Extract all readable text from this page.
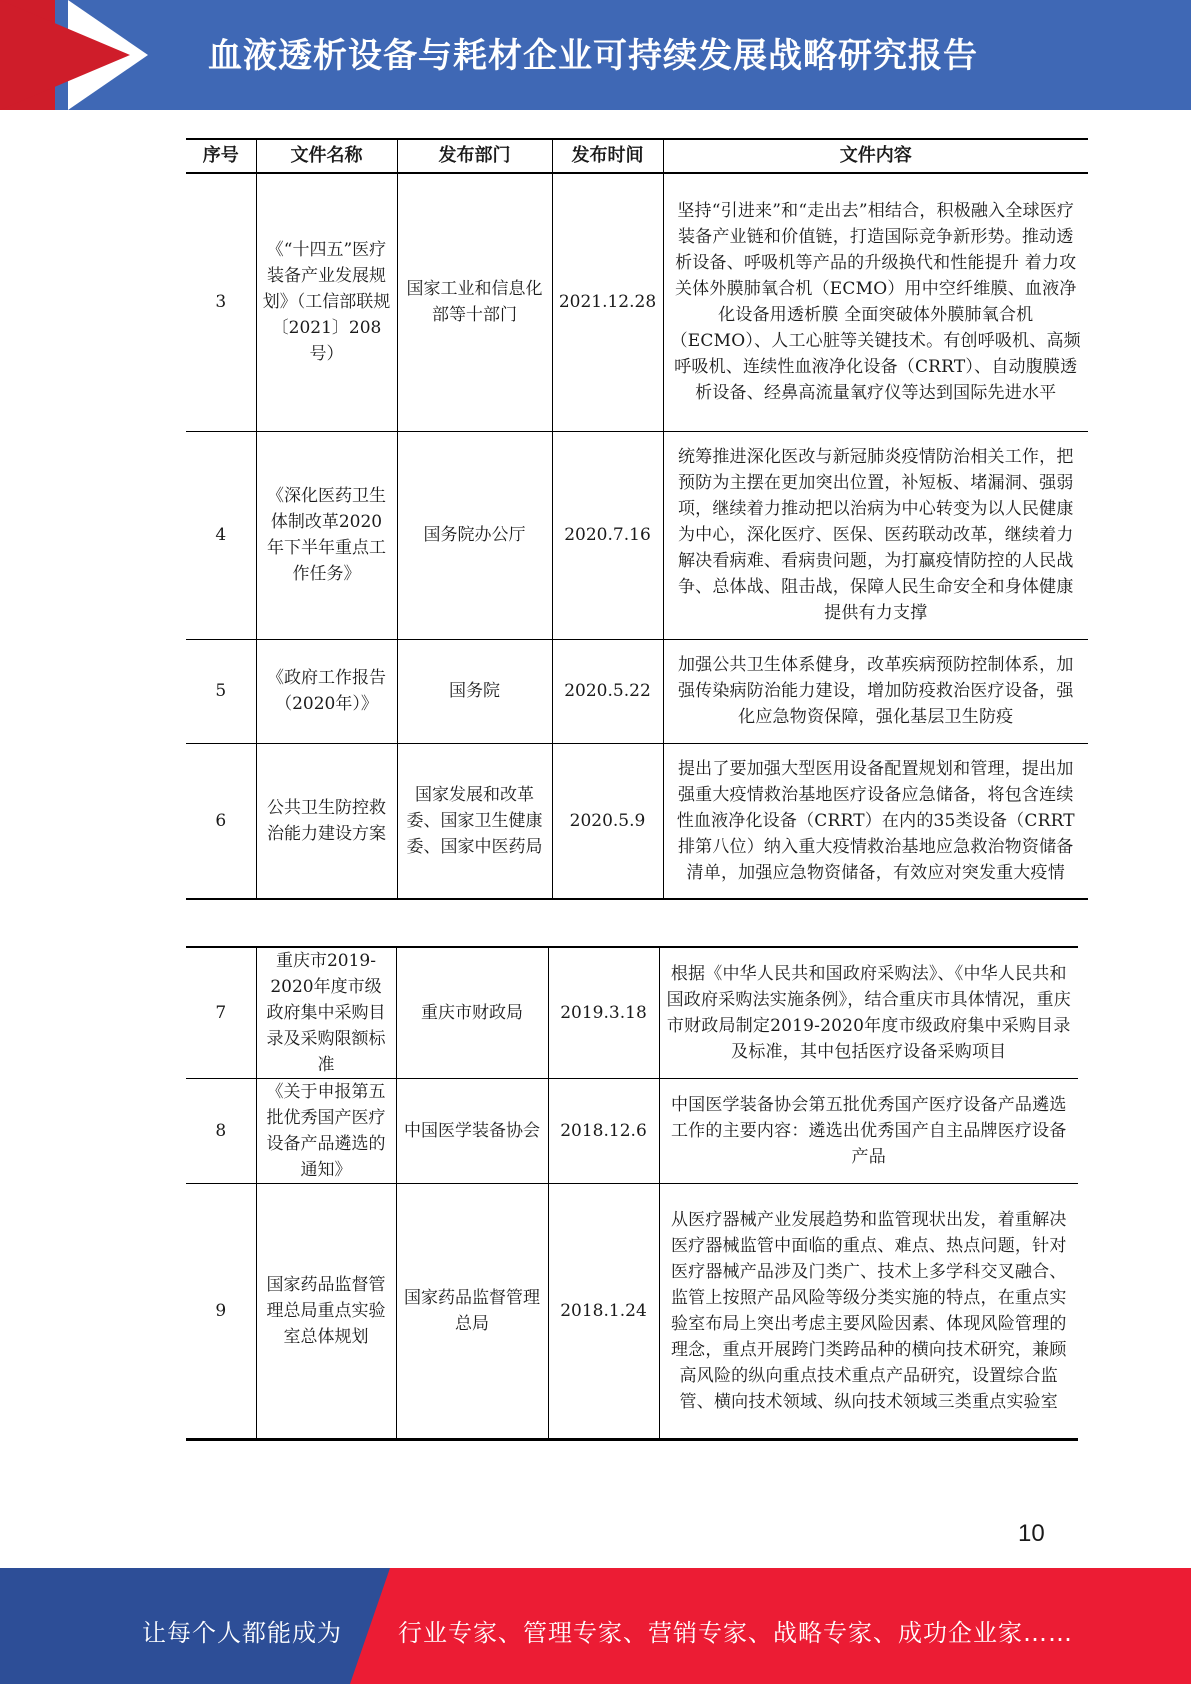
血液透析设备与耗材企业可持续发展战略研究报告
序号	文件名称	发布部门	发布时间	文件内容
3	《“十四五”医疗装备产业发展规划》（工信部联规〔2021〕208号）	国家工业和信息化部等十部门	2021.12.28	坚持“引进来”和“走出去”相结合，积极融入全球医疗装备产业链和价值链，打造国际竞争新形势。推动透析设备、呼吸机等产品的升级换代和性能提升 着力攻关体外膜肺氧合机（ECMO）用中空纤维膜、血液净化设备用透析膜 全面突破体外膜肺氧合机（ECMO）、人工心脏等关键技术。有创呼吸机、高频呼吸机、连续性血液净化设备（CRRT）、自动腹膜透析设备、经鼻高流量氧疗仪等达到国际先进水平
4	《深化医药卫生体制改革2020年下半年重点工作任务》	国务院办公厅	2020.7.16	统筹推进深化医改与新冠肺炎疫情防治相关工作，把预防为主摆在更加突出位置，补短板、堵漏洞、强弱项，继续着力推动把以治病为中心转变为以人民健康为中心，深化医疗、医保、医药联动改革，继续着力解决看病难、看病贵问题，为打赢疫情防控的人民战争、总体战、阻击战，保障人民生命安全和身体健康提供有力支撑
5	《政府工作报告（2020年）》	国务院	2020.5.22	加强公共卫生体系健身，改革疾病预防控制体系，加强传染病防治能力建设，增加防疫救治医疗设备，强化应急物资保障，强化基层卫生防疫
6	公共卫生防控救治能力建设方案	国家发展和改革委、国家卫生健康委、国家中医药局	2020.5.9	提出了要加强大型医用设备配置规划和管理，提出加强重大疫情救治基地医疗设备应急储备，将包含连续性血液净化设备（CRRT）在内的35类设备（CRRT排第八位）纳入重大疫情救治基地应急救治物资储备清单，加强应急物资储备，有效应对突发重大疫情
7	重庆市2019-2020年度市级政府集中采购目录及采购限额标准	重庆市财政局	2019.3.18	根据《中华人民共和国政府采购法》、《中华人民共和国政府采购法实施条例》，结合重庆市具体情况，重庆市财政局制定2019-2020年度市级政府集中采购目录及标准，其中包括医疗设备采购项目
8	《关于申报第五批优秀国产医疗设备产品遴选的通知》	中国医学装备协会	2018.12.6	中国医学装备协会第五批优秀国产医疗设备产品遴选工作的主要内容：遴选出优秀国产自主品牌医疗设备产品
9	国家药品监督管理总局重点实验室总体规划	国家药品监督管理总局	2018.1.24	从医疗器械产业发展趋势和监管现状出发，着重解决医疗器械监管中面临的重点、难点、热点问题，针对医疗器械产品涉及门类广、技术上多学科交叉融合、监管上按照产品风险等级分类实施的特点，在重点实验室布局上突出考虑主要风险因素、体现风险管理的理念，重点开展跨门类跨品种的横向技术研究，兼顾高风险的纵向重点技术重点产品研究，设置综合监管、横向技术领域、纵向技术领域三类重点实验室
10
让每个人都能成为 行业专家、管理专家、营销专家、战略专家、成功企业家……
